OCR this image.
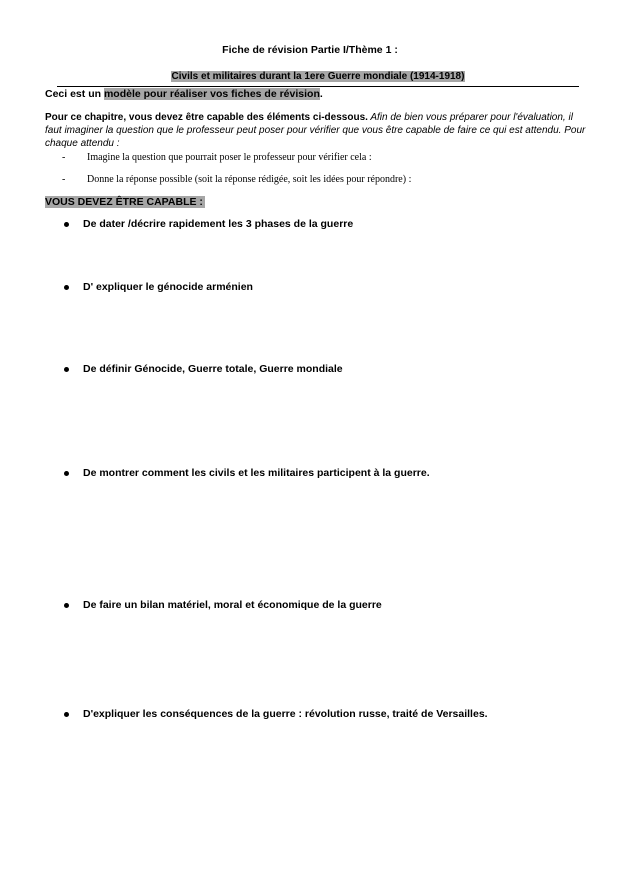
Fiche de révision Partie I/Thème 1 :
Civils et militaires durant la 1ere Guerre mondiale (1914-1918)
Ceci est un modèle pour réaliser vos fiches de révision.
Pour ce chapitre, vous devez être capable des éléments ci-dessous. Afin de bien vous préparer pour l'évaluation, il faut imaginer la question que le professeur peut poser pour vérifier que vous être capable de faire ce qui est attendu. Pour chaque attendu :
- Imagine la question que pourrait poser le professeur pour vérifier cela :
- Donne la réponse possible (soit la réponse rédigée, soit les idées pour répondre) :
VOUS DEVEZ ÊTRE CAPABLE :
De dater /décrire rapidement les 3 phases de la guerre
D' expliquer le génocide arménien
De définir Génocide, Guerre totale, Guerre mondiale
De montrer comment les civils et les militaires participent à la guerre.
De faire un bilan matériel, moral et économique de la guerre
D'expliquer les conséquences de la guerre : révolution russe, traité de Versailles.
